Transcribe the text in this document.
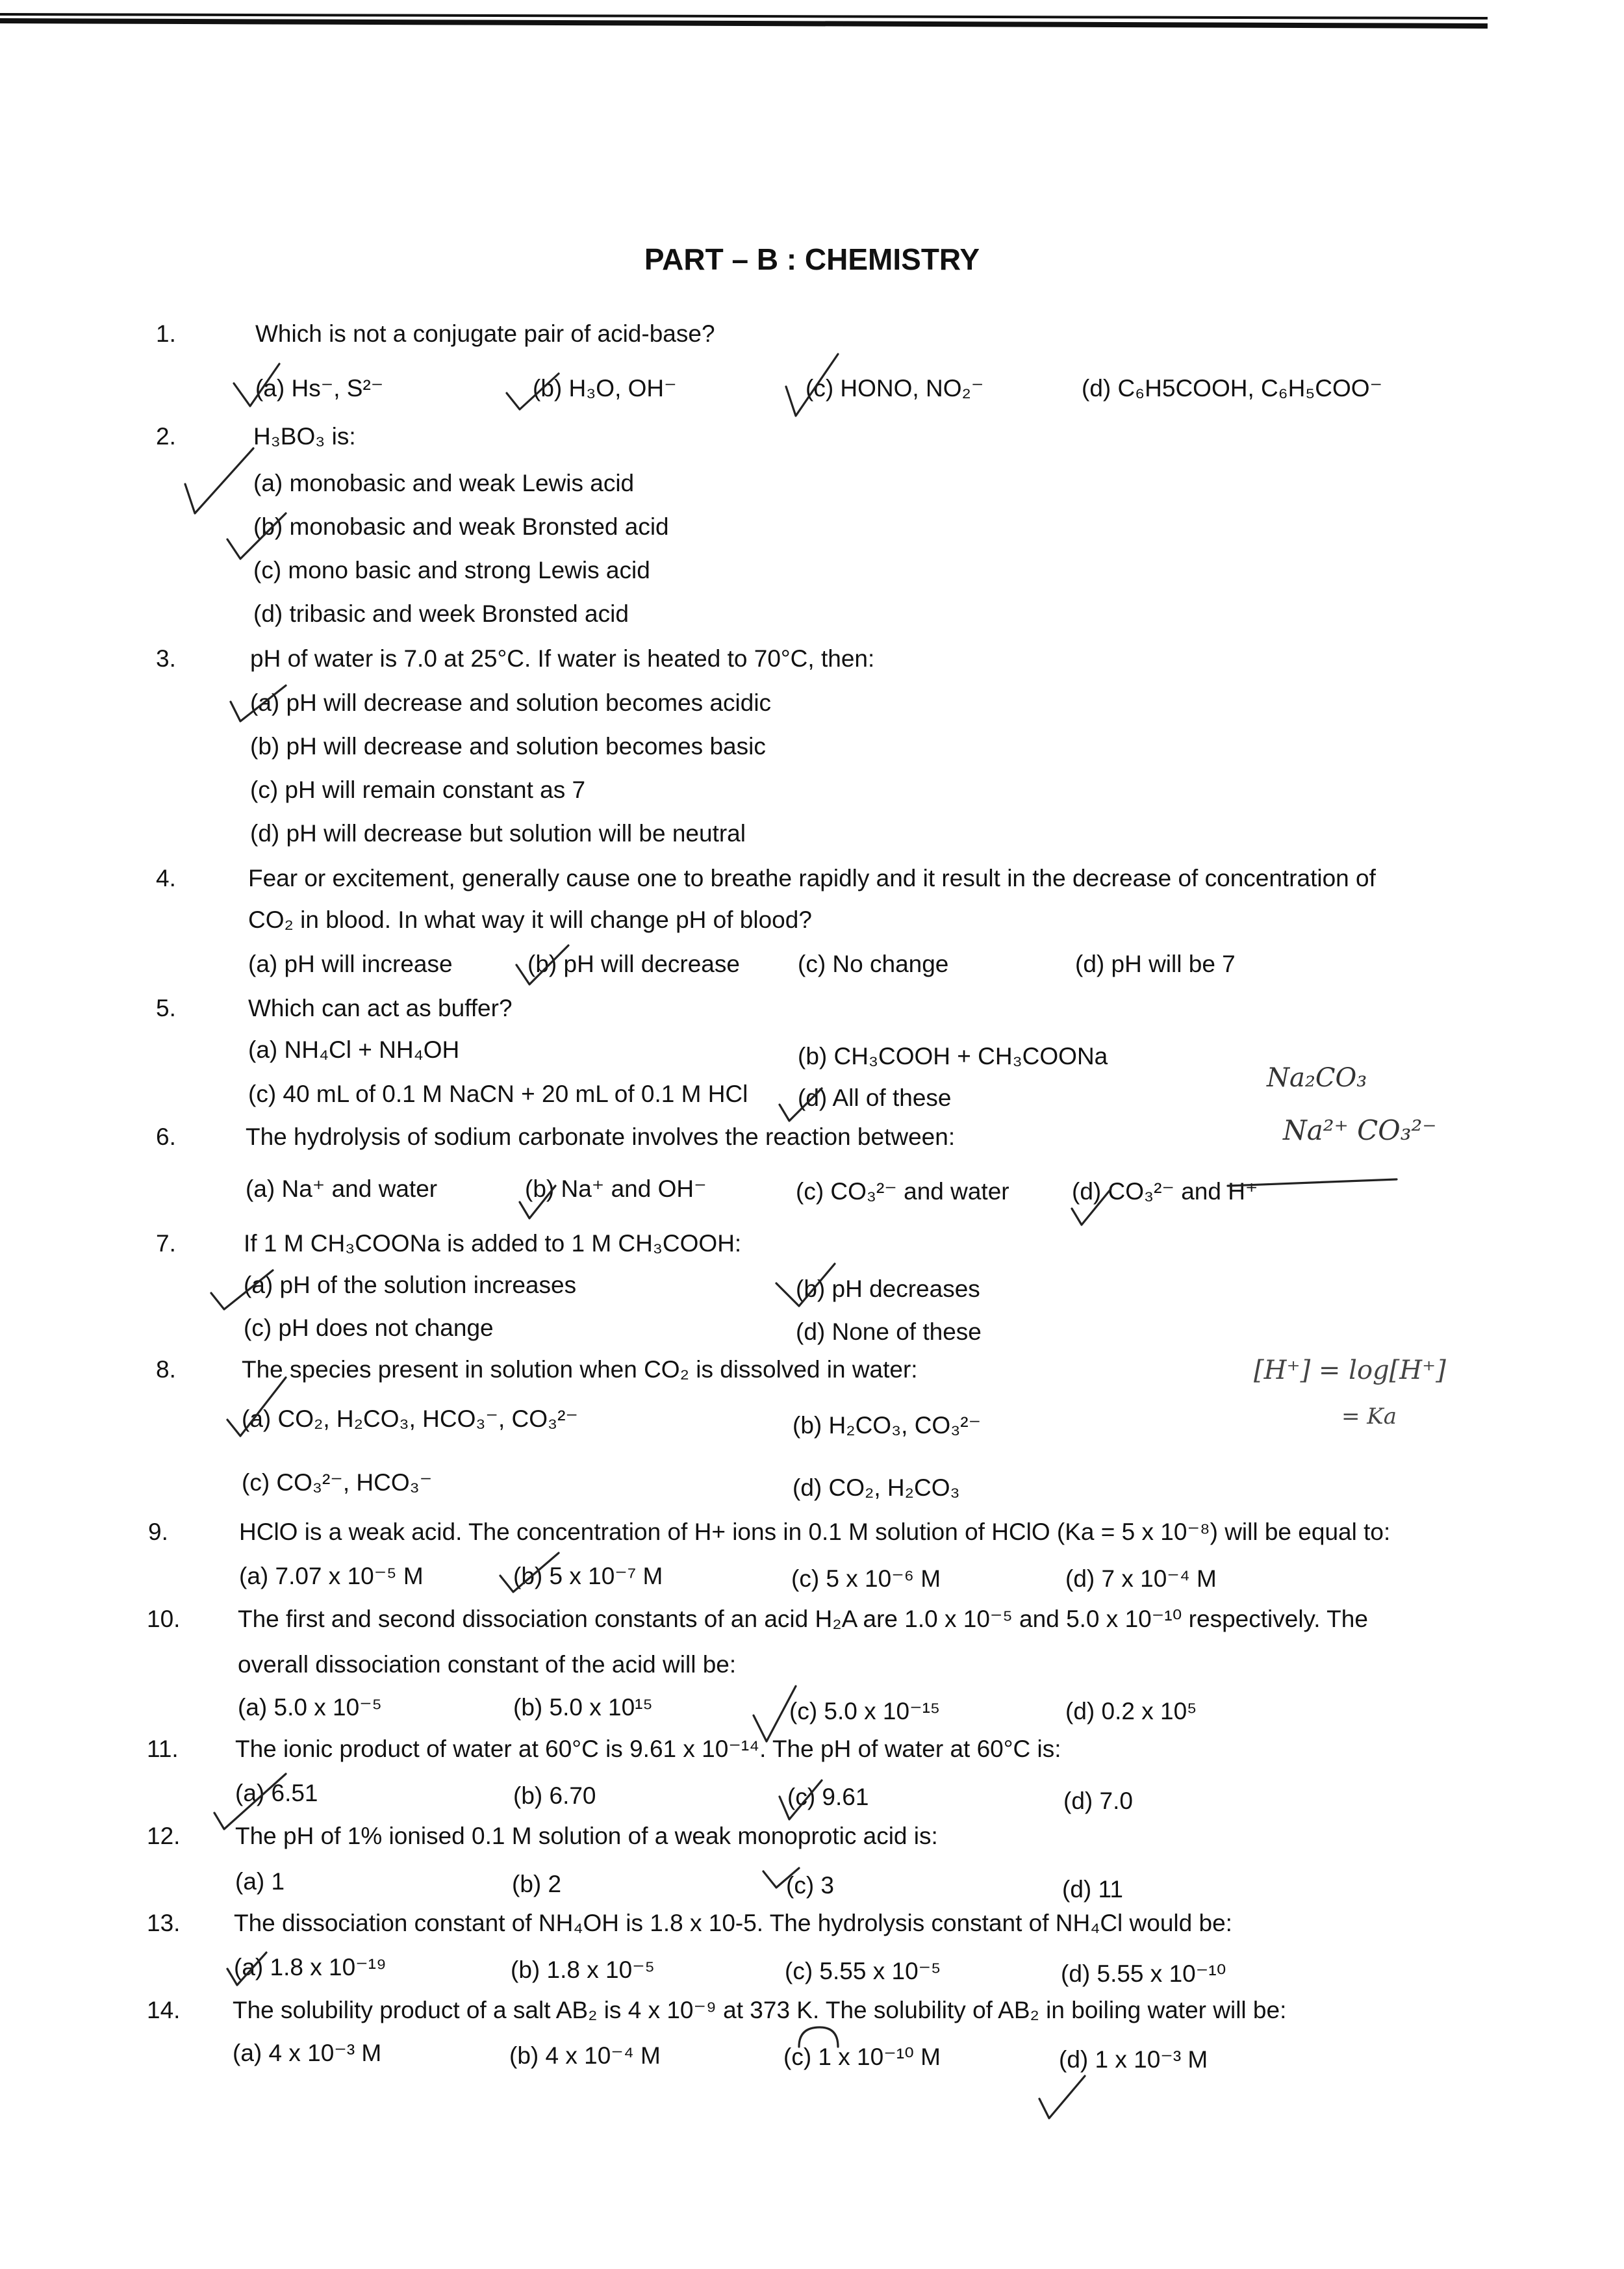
PART – B : CHEMISTRY
1.	Which is not a conjugate pair of acid-base?
(a) Hs⁻, S²⁻	(b) H₃O, OH⁻	(c) HONO, NO₂⁻	(d) C₆H5COOH, C₆H₅COO⁻
2.	H₃BO₃ is:
(a) monobasic and weak Lewis acid
(b) monobasic and weak Bronsted acid
(c) mono basic and strong Lewis acid
(d) tribasic and week Bronsted acid
3.	pH of water is 7.0 at 25°C. If water is heated to 70°C, then:
(a) pH will decrease and solution becomes acidic
(b) pH will decrease and solution becomes basic
(c) pH will remain constant as 7
(d) pH will decrease but solution will be neutral
4.	Fear or excitement, generally cause one to breathe rapidly and it result in the decrease of concentration of
CO₂ in blood. In what way it will change pH of blood?
(a) pH will increase	(b) pH will decrease (c) No change	(d) pH will be 7
5.	Which can act as buffer?
(a) NH₄Cl + NH₄OH	(b) CH₃COOH + CH₃COONa
(c) 40 mL of 0.1 M NaCN + 20 mL of 0.1 M HCl (d) All of these
6.	The hydrolysis of sodium carbonate involves the reaction between:
(a) Na⁺ and water	(b) Na⁺ and OH⁻	(c) CO₃²⁻ and water	(d) CO₃²⁻ and H⁺
7.	If 1 M CH₃COONa is added to 1 M CH₃COOH:
(a) pH of the solution increases	(b) pH decreases
(c) pH does not change	(d) None of these
8.	The species present in solution when CO₂ is dissolved in water:
(a) CO₂, H₂CO₃, HCO₃⁻, CO₃²⁻	(b) H₂CO₃, CO₃²⁻
(c) CO₃²⁻, HCO₃⁻	(d) CO₂, H₂CO₃
9.	HClO is a weak acid. The concentration of H+ ions in 0.1 M solution of HClO (Ka = 5 x 10⁻⁸) will be equal to:
(a) 7.07 x 10⁻⁵ M	(b) 5 x 10⁻⁷ M	(c) 5 x 10⁻⁶ M	(d) 7 x 10⁻⁴ M
10.	The first and second dissociation constants of an acid H₂A are 1.0 x 10⁻⁵ and 5.0 x 10⁻¹⁰ respectively. The
overall dissociation constant of the acid will be:
(a) 5.0 x 10⁻⁵	(b) 5.0 x 10¹⁵	(c) 5.0 x 10⁻¹⁵	(d) 0.2 x 10⁵
11.	The ionic product of water at 60°C is 9.61 x 10⁻¹⁴. The pH of water at 60°C is:
(a) 6.51	(b) 6.70	(c) 9.61	(d) 7.0
12.	The pH of 1% ionised 0.1 M solution of a weak monoprotic acid is:
(a) 1	(b) 2	(c) 3	(d) 11
13.	The dissociation constant of NH₄OH is 1.8 x 10-5. The hydrolysis constant of NH₄Cl would be:
(a) 1.8 x 10⁻¹⁹	(b) 1.8 x 10⁻⁵	(c) 5.55 x 10⁻⁵	(d) 5.55 x 10⁻¹⁰
14.	The solubility product of a salt AB₂ is 4 x 10⁻⁹ at 373 K. The solubility of AB₂ in boiling water will be:
(a) 4 x 10⁻³ M	(b) 4 x 10⁻⁴ M	(c) 1 x 10⁻¹⁰ M	(d) 1 x 10⁻³ M
Na₂CO₃
Na²⁺ CO₃²⁻
[H⁺] = log[H⁺]
= Ka
